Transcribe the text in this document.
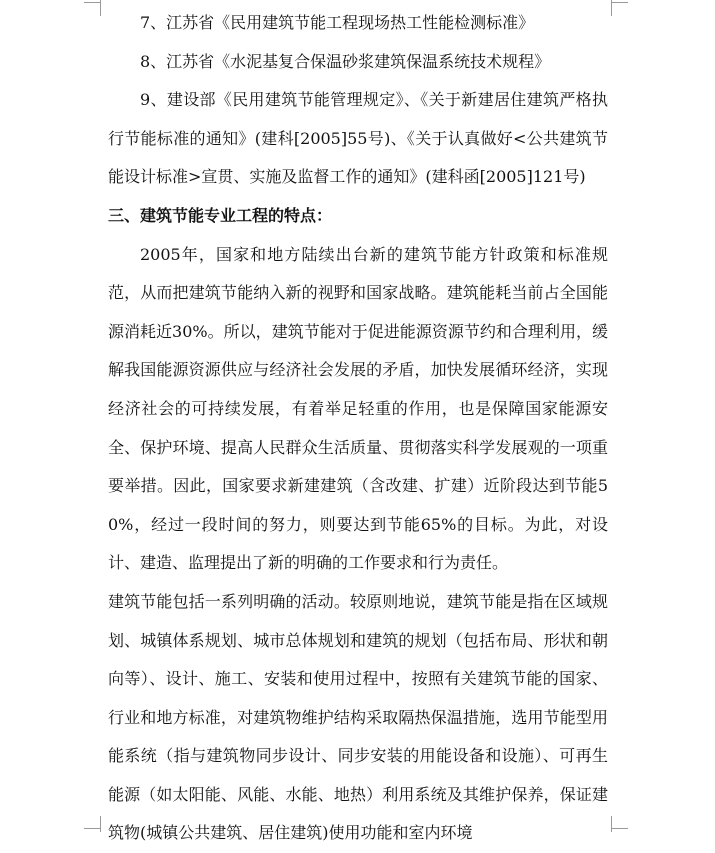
7、江苏省《民用建筑节能工程现场热工性能检测标准》

8、江苏省《水泥基复合保温砂浆建筑保温系统技术规程》

9、建设部《民用建筑节能管理规定》、《关于新建居住建筑严格执行节能标准的通知》(建科[2005]55号)、《关于认真做好<公共建筑节能设计标准>宣贯、实施及监督工作的通知》(建科函[2005]121号)

三、建筑节能专业工程的特点：

2005年，国家和地方陆续出台新的建筑节能方针政策和标准规范，从而把建筑节能纳入新的视野和国家战略。建筑能耗当前占全国能源消耗近30%。所以，建筑节能对于促进能源资源节约和合理利用，缓解我国能源资源供应与经济社会发展的矛盾，加快发展循环经济，实现经济社会的可持续发展，有着举足轻重的作用，也是保障国家能源安全、保护环境、提高人民群众生活质量、贯彻落实科学发展观的一项重要举措。因此，国家要求新建建筑（含改建、扩建）近阶段达到节能50%，经过一段时间的努力，则要达到节能65%的目标。为此，对设计、建造、监理提出了新的明确的工作要求和行为责任。

建筑节能包括一系列明确的活动。较原则地说，建筑节能是指在区域规划、城镇体系规划、城市总体规划和建筑的规划（包括布局、形状和朝向等）、设计、施工、安装和使用过程中，按照有关建筑节能的国家、行业和地方标准，对建筑物维护结构采取隔热保温措施，选用节能型用能系统（指与建筑物同步设计、同步安装的用能设备和设施）、可再生能源（如太阳能、风能、水能、地热）利用系统及其维护保养，保证建筑物(城镇公共建筑、居住建筑)使用功能和室内环境
